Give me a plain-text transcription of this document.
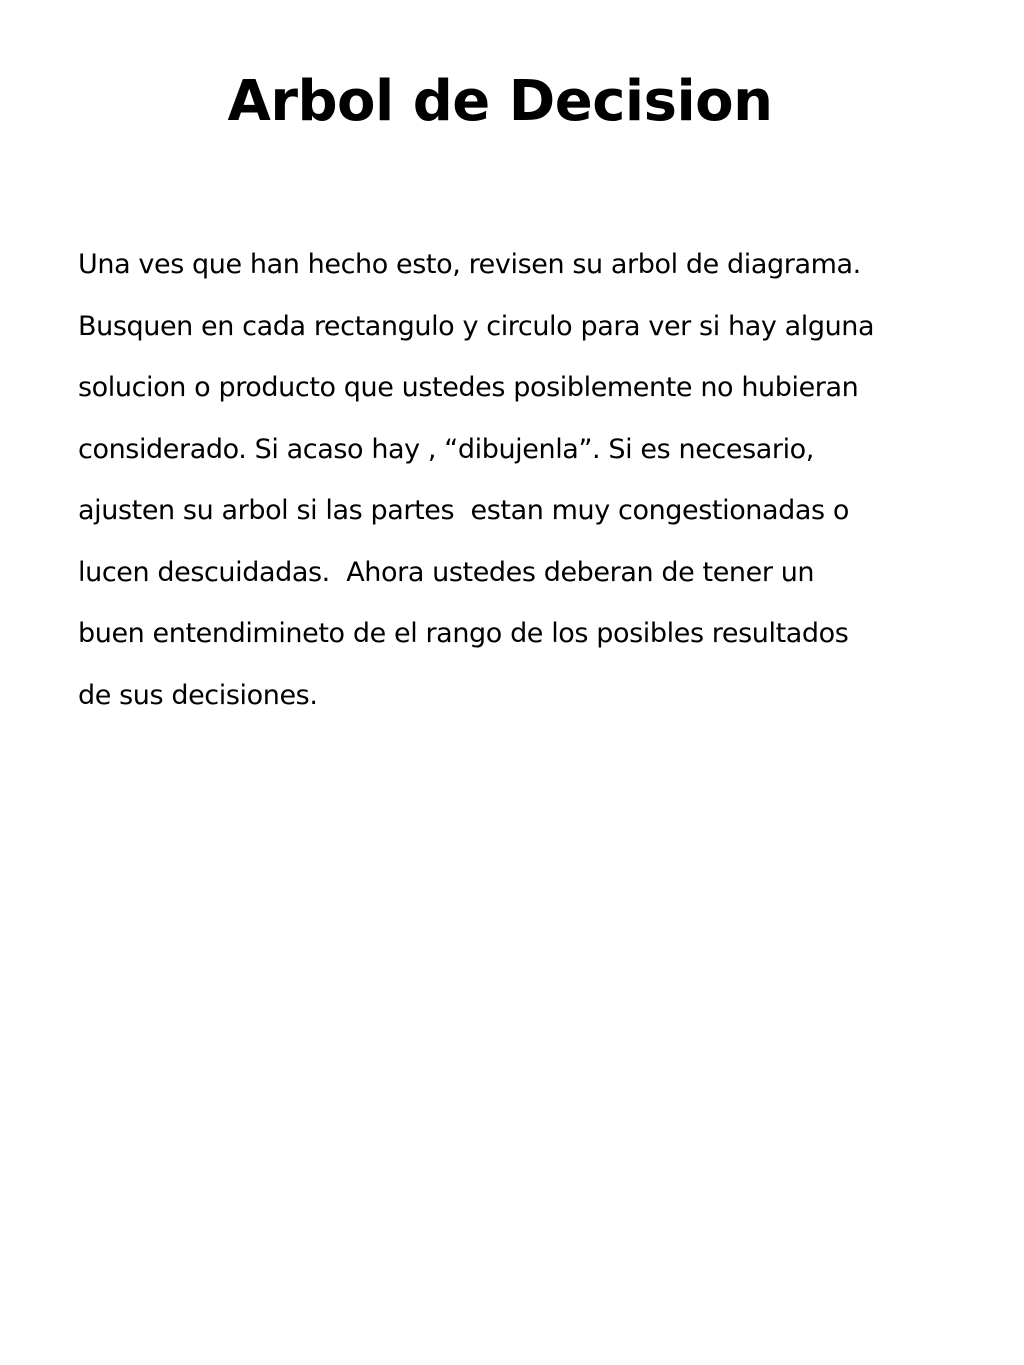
Arbol de Decision
Una ves que han hecho esto, revisen su arbol de diagrama.
Busquen en cada rectangulo y circulo para ver si hay alguna
solucion o producto que ustedes posiblemente no hubieran
considerado. Si acaso hay , “dibujenla”. Si es necesario,
ajusten su arbol si las partes  estan muy congestionadas o
lucen descuidadas.  Ahora ustedes deberan de tener un
buen entendimineto de el rango de los posibles resultados
de sus decisiones.
